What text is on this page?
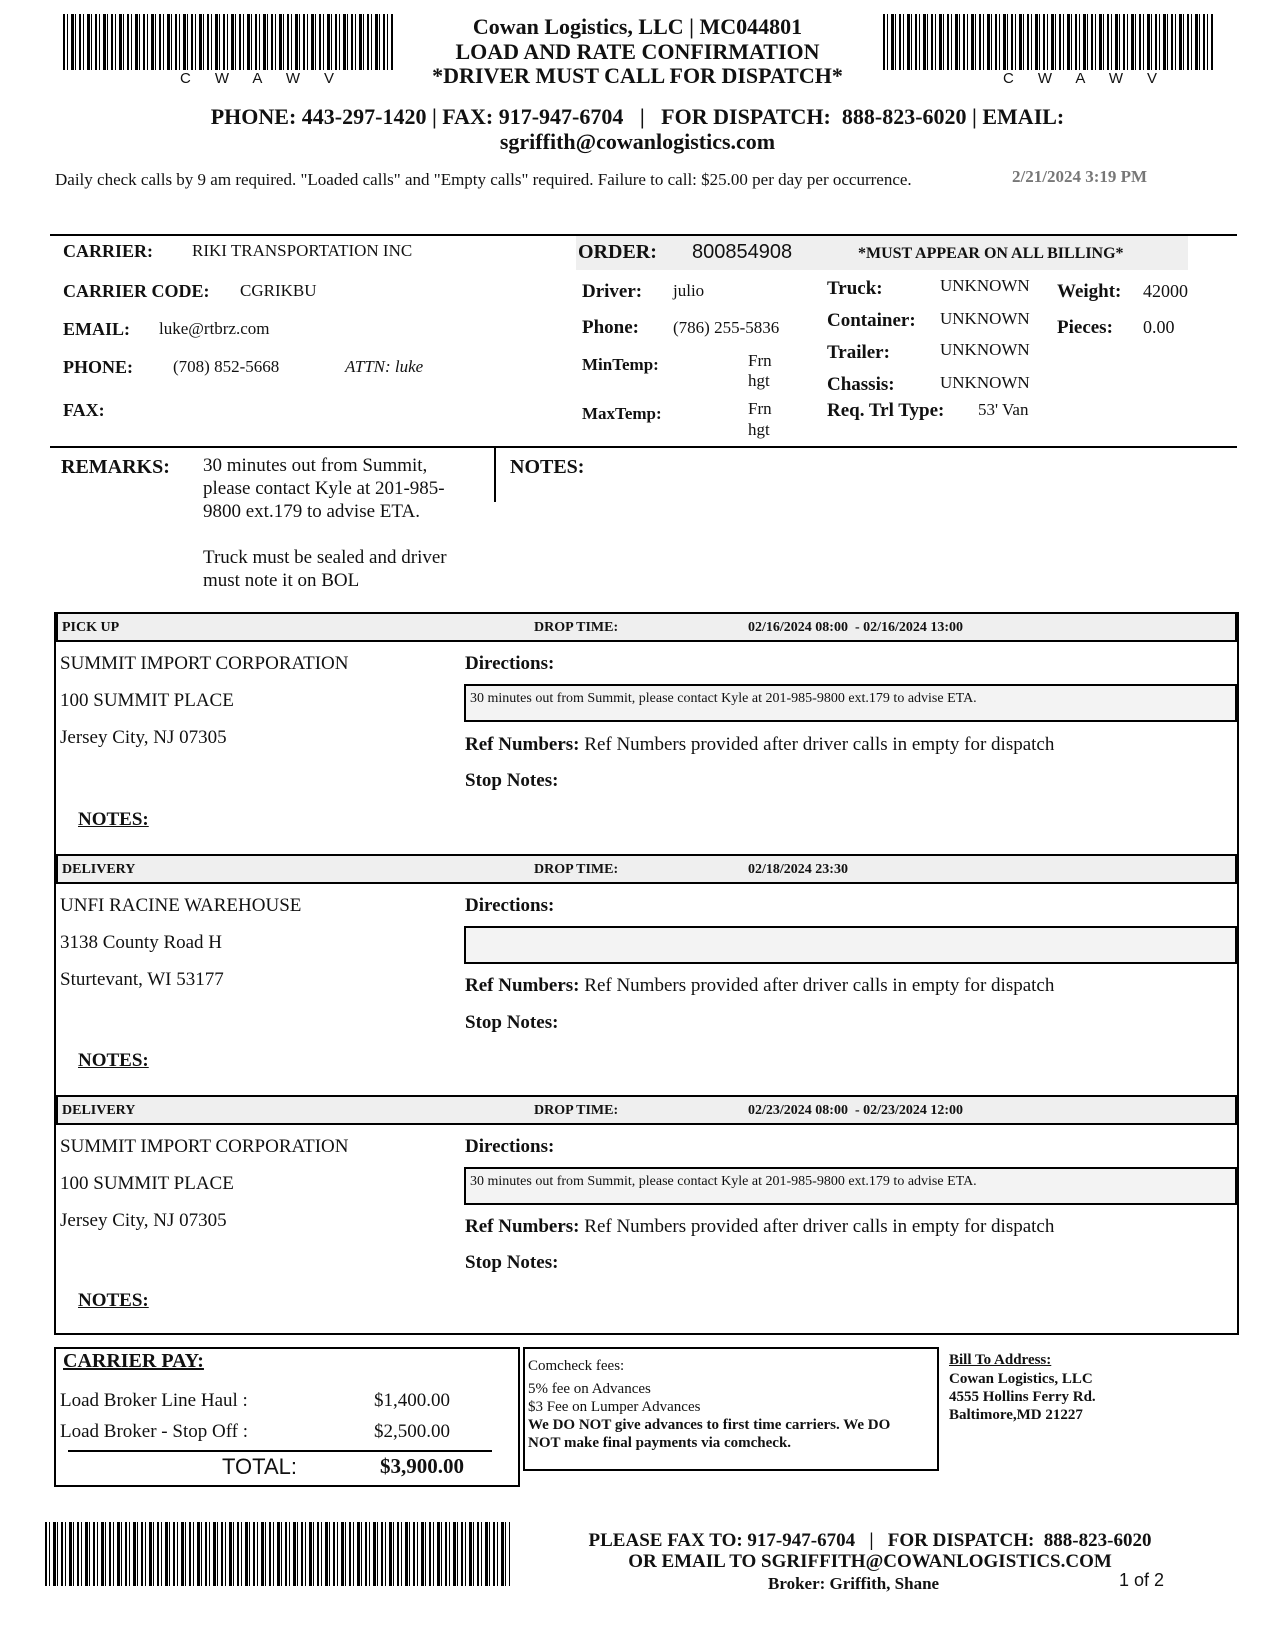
CWAWV	CWAWV
Cowan Logistics, LLC | MC044801
LOAD AND RATE CONFIRMATION
*DRIVER MUST CALL FOR DISPATCH*
PHONE: 443-297-1420 | FAX: 917-947-6704   |   FOR DISPATCH:  888-823-6020 | EMAIL:
sgriffith@cowanlogistics.com
Daily check calls by 9 am required. "Loaded calls" and "Empty calls" required. Failure to call: $25.00 per day per occurrence.	2/21/2024 3:19 PM
CARRIER: RIKI TRANSPORTATION INC
CARRIER CODE: CGRIKBU
EMAIL: luke@rtbrz.com
PHONE: (708) 852-5668	ATTN: luke
FAX:
ORDER: 800854908	*MUST APPEAR ON ALL BILLING*
Driver: julio
Phone: (786) 255-5836
MinTemp:	Frn
hgt
MaxTemp:	Frn
hgt
Truck:	UNKNOWN
Container: UNKNOWN
Trailer:	UNKNOWN
Chassis:	UNKNOWN
Req. Trl Type: 53' Van
Weight: 42000
Pieces: 0.00
REMARKS: 30 minutes out from Summit,
please contact Kyle at 201-985-
9800 ext.179 to advise ETA.
Truck must be sealed and driver
must note it on BOL
NOTES:
PICK UP	DROP TIME:	02/16/2024 08:00  - 02/16/2024 13:00
SUMMIT IMPORT CORPORATION
100 SUMMIT PLACE
Jersey City, NJ 07305
Directions:
30 minutes out from Summit, please contact Kyle at 201-985-9800 ext.179 to advise ETA.
Ref Numbers: Ref Numbers provided after driver calls in empty for dispatch
Stop Notes:
NOTES:
DELIVERY	DROP TIME:	02/18/2024 23:30
UNFI RACINE WAREHOUSE
3138 County Road H
Sturtevant, WI 53177
Directions:
Ref Numbers: Ref Numbers provided after driver calls in empty for dispatch
Stop Notes:
NOTES:
DELIVERY	DROP TIME:	02/23/2024 08:00  - 02/23/2024 12:00
SUMMIT IMPORT CORPORATION
100 SUMMIT PLACE
Jersey City, NJ 07305
Directions:
30 minutes out from Summit, please contact Kyle at 201-985-9800 ext.179 to advise ETA.
Ref Numbers: Ref Numbers provided after driver calls in empty for dispatch
Stop Notes:
NOTES:
CARRIER PAY:
Load Broker Line Haul :	$1,400.00
Load Broker - Stop Off :	$2,500.00
TOTAL:	$3,900.00
Comcheck fees:
5% fee on Advances
$3 Fee on Lumper Advances
We DO NOT give advances to first time carriers. We DO
NOT make final payments via comcheck.
Bill To Address:
Cowan Logistics, LLC
4555 Hollins Ferry Rd.
Baltimore,MD 21227
PLEASE FAX TO: 917-947-6704   |   FOR DISPATCH:  888-823-6020
OR EMAIL TO SGRIFFITH@COWANLOGISTICS.COM
Broker: Griffith, Shane	1 of 2
